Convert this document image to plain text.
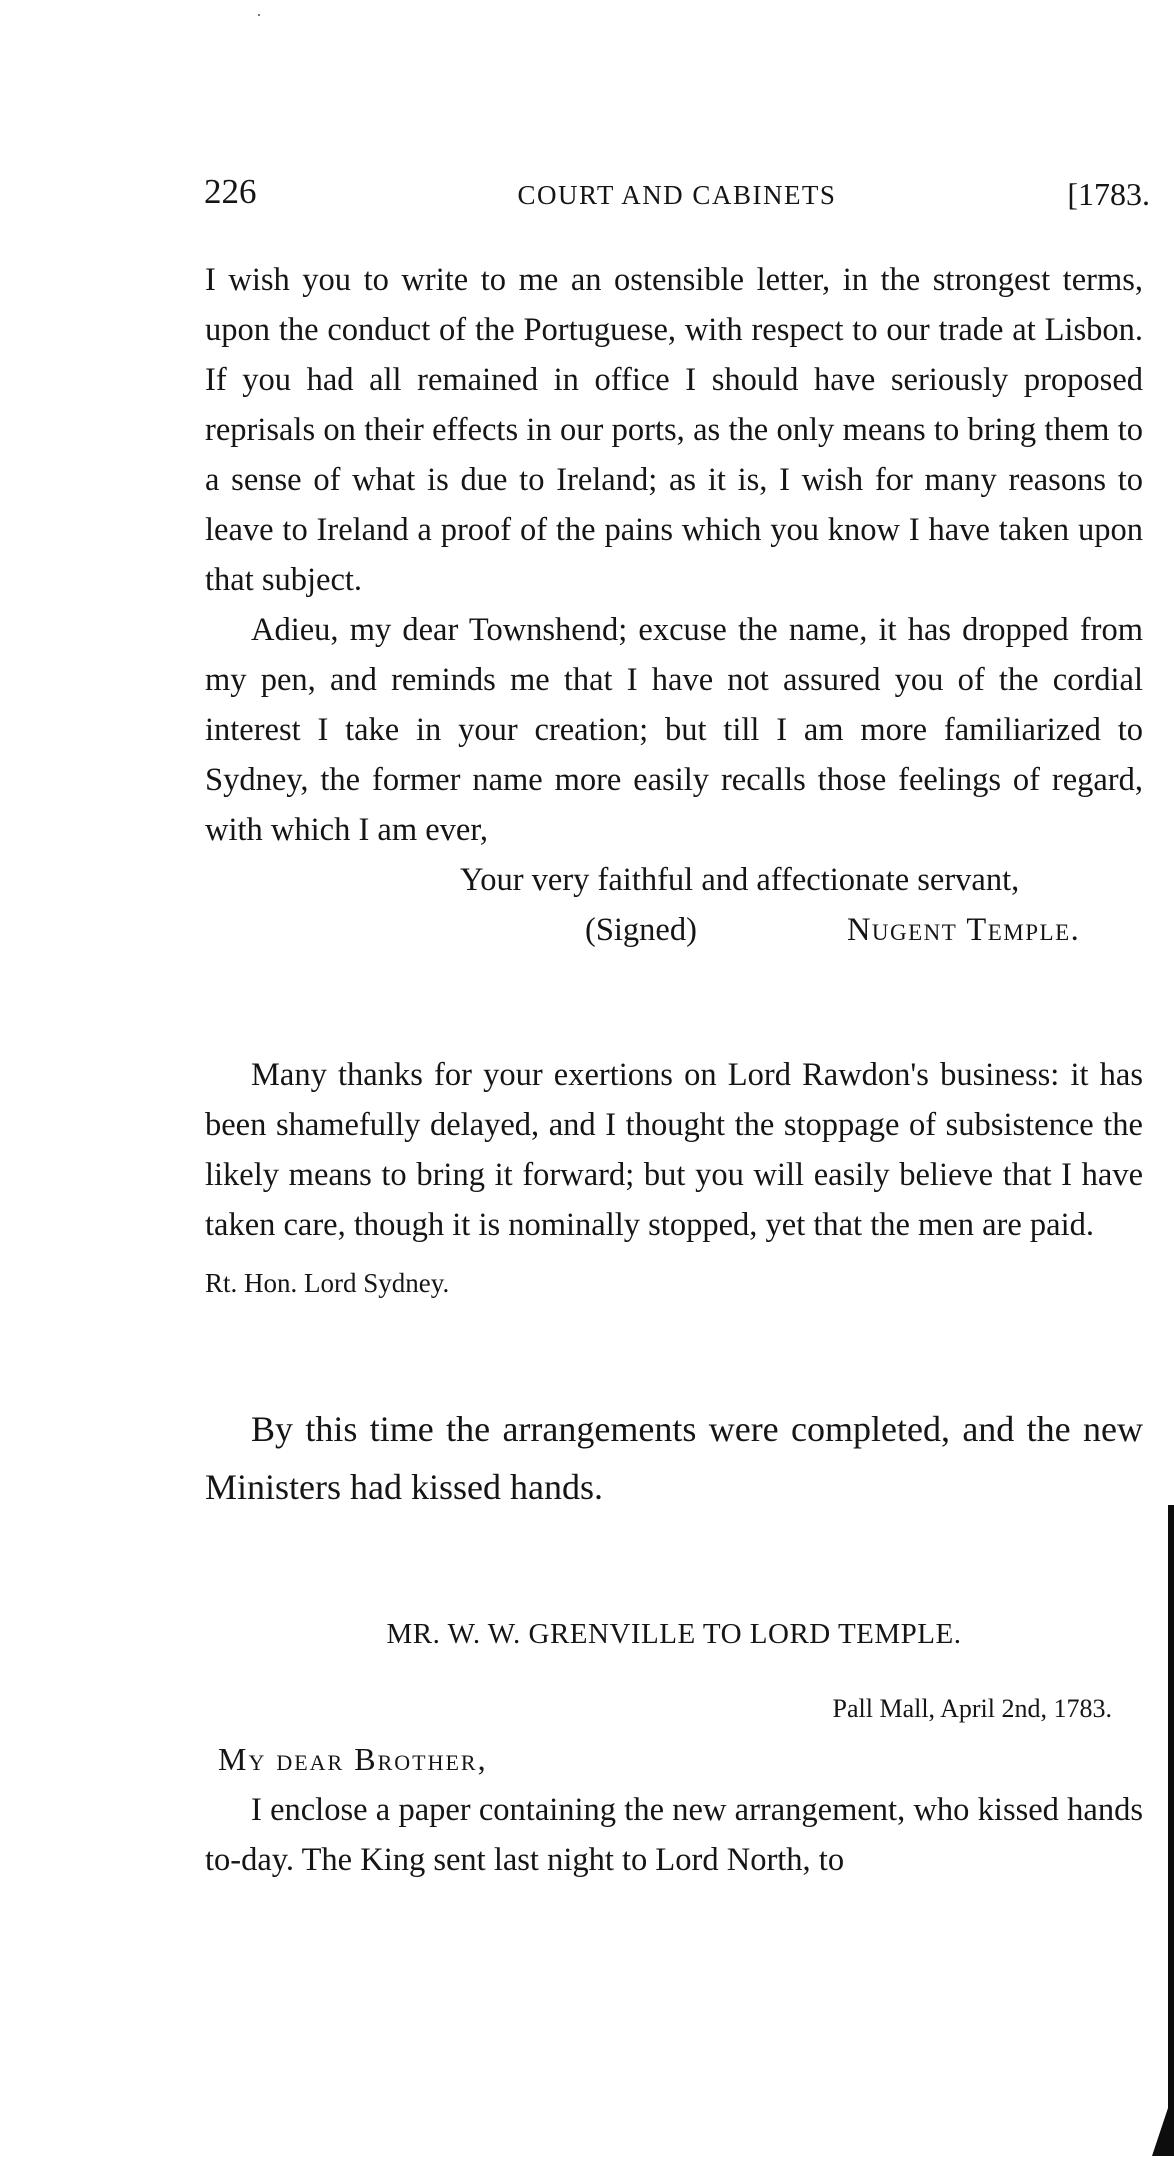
226	COURT AND CABINETS	[1783.

I wish you to write to me an ostensible letter, in the strongest terms, upon the conduct of the Portuguese, with respect to our trade at Lisbon. If you had all remained in office I should have seriously proposed reprisals on their effects in our ports, as the only means to bring them to a sense of what is due to Ireland; as it is, I wish for many reasons to leave to Ireland a proof of the pains which you know I have taken upon that subject.

Adieu, my dear Townshend; excuse the name, it has dropped from my pen, and reminds me that I have not assured you of the cordial interest I take in your creation; but till I am more familiarized to Sydney, the former name more easily recalls those feelings of regard, with which I am ever,

Your very faithful and affectionate servant,
(Signed)	Nugent Temple.

Many thanks for your exertions on Lord Rawdon's business: it has been shamefully delayed, and I thought the stoppage of subsistence the likely means to bring it forward; but you will easily believe that I have taken care, though it is nominally stopped, yet that the men are paid.

Rt. Hon. Lord Sydney.

By this time the arrangements were completed, and the new Ministers had kissed hands.

MR. W. W. GRENVILLE TO LORD TEMPLE.
Pall Mall, April 2nd, 1783.
My dear Brother,

I enclose a paper containing the new arrangement, who kissed hands to-day. The King sent last night to Lord North, to
